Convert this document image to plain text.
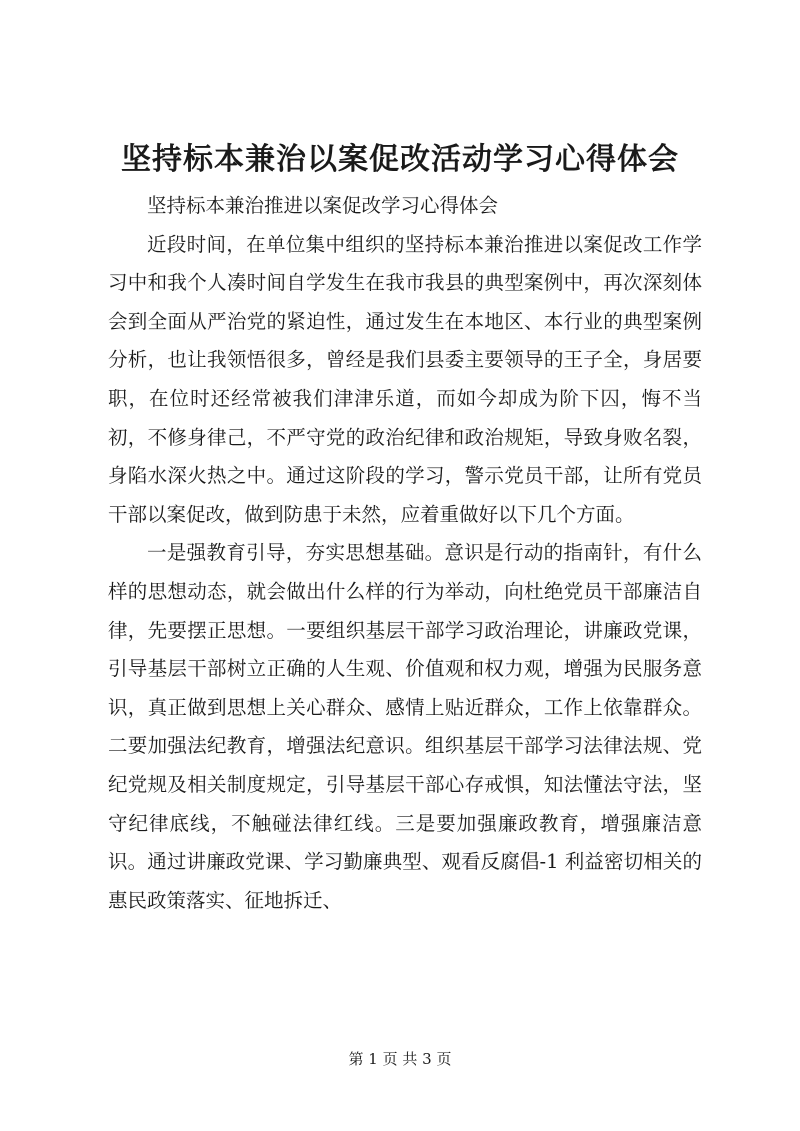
坚持标本兼治以案促改活动学习心得体会

坚持标本兼治推进以案促改学习心得体会

近段时间，在单位集中组织的坚持标本兼治推进以案促改工作学习中和我个人凑时间自学发生在我市我县的典型案例中，再次深刻体会到全面从严治党的紧迫性，通过发生在本地区、本行业的典型案例分析，也让我领悟很多，曾经是我们县委主要领导的王子全，身居要职，在位时还经常被我们津津乐道，而如今却成为阶下囚，悔不当初，不修身律己，不严守党的政治纪律和政治规矩，导致身败名裂，身陷水深火热之中。通过这阶段的学习，警示党员干部，让所有党员干部以案促改，做到防患于未然，应着重做好以下几个方面。

一是强教育引导，夯实思想基础。意识是行动的指南针，有什么样的思想动态，就会做出什么样的行为举动，向杜绝党员干部廉洁自律，先要摆正思想。一要组织基层干部学习政治理论，讲廉政党课，引导基层干部树立正确的人生观、价值观和权力观，增强为民服务意识，真正做到思想上关心群众、感情上贴近群众，工作上依靠群众。二要加强法纪教育，增强法纪意识。组织基层干部学习法律法规、党纪党规及相关制度规定，引导基层干部心存戒惧，知法懂法守法，坚守纪律底线，不触碰法律红线。三是要加强廉政教育，增强廉洁意识。通过讲廉政党课、学习勤廉典型、观看反腐倡-1 利益密切相关的惠民政策落实、征地拆迁、

第 1 页 共 3 页
